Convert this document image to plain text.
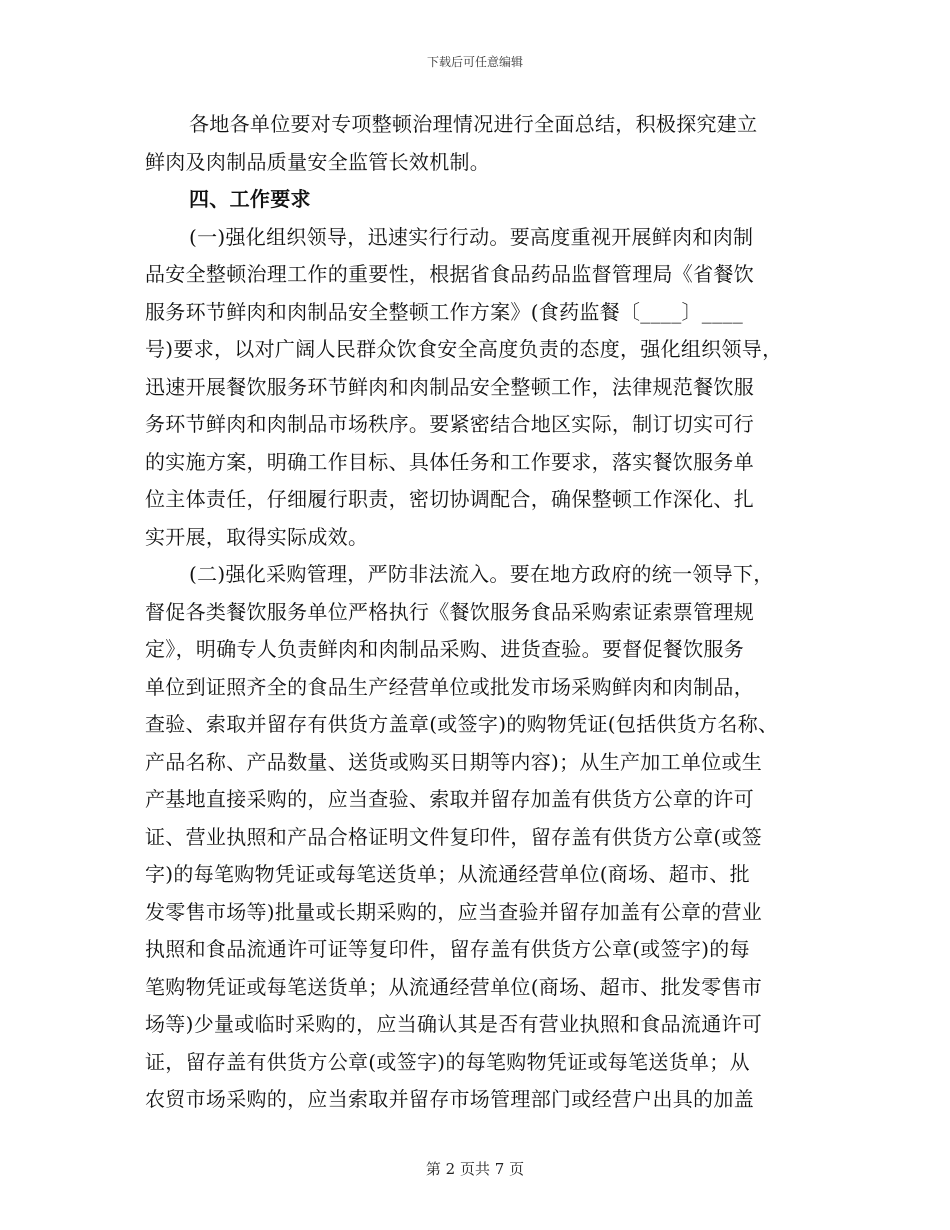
下载后可任意编辑
各地各单位要对专项整顿治理情况进行全面总结，积极探究建立
鲜肉及肉制品质量安全监管长效机制。
四、工作要求
(一)强化组织领导，迅速实行行动。要高度重视开展鲜肉和肉制
品安全整顿治理工作的重要性，根据省食品药品监督管理局《省餐饮
服务环节鲜肉和肉制品安全整顿工作方案》(食药监餐〔____〕____
号)要求，以对广阔人民群众饮食安全高度负责的态度，强化组织领导，
迅速开展餐饮服务环节鲜肉和肉制品安全整顿工作，法律规范餐饮服
务环节鲜肉和肉制品市场秩序。要紧密结合地区实际，制订切实可行
的实施方案，明确工作目标、具体任务和工作要求，落实餐饮服务单
位主体责任，仔细履行职责，密切协调配合，确保整顿工作深化、扎
实开展，取得实际成效。
(二)强化采购管理，严防非法流入。要在地方政府的统一领导下，
督促各类餐饮服务单位严格执行《餐饮服务食品采购索证索票管理规
定》，明确专人负责鲜肉和肉制品采购、进货查验。要督促餐饮服务
单位到证照齐全的食品生产经营单位或批发市场采购鲜肉和肉制品，
查验、索取并留存有供货方盖章(或签字)的购物凭证(包括供货方名称、
产品名称、产品数量、送货或购买日期等内容)；从生产加工单位或生
产基地直接采购的，应当查验、索取并留存加盖有供货方公章的许可
证、营业执照和产品合格证明文件复印件，留存盖有供货方公章(或签
字)的每笔购物凭证或每笔送货单；从流通经营单位(商场、超市、批
发零售市场等)批量或长期采购的，应当查验并留存加盖有公章的营业
执照和食品流通许可证等复印件，留存盖有供货方公章(或签字)的每
笔购物凭证或每笔送货单；从流通经营单位(商场、超市、批发零售市
场等)少量或临时采购的，应当确认其是否有营业执照和食品流通许可
证，留存盖有供货方公章(或签字)的每笔购物凭证或每笔送货单；从
农贸市场采购的，应当索取并留存市场管理部门或经营户出具的加盖
第 2 页共 7 页
